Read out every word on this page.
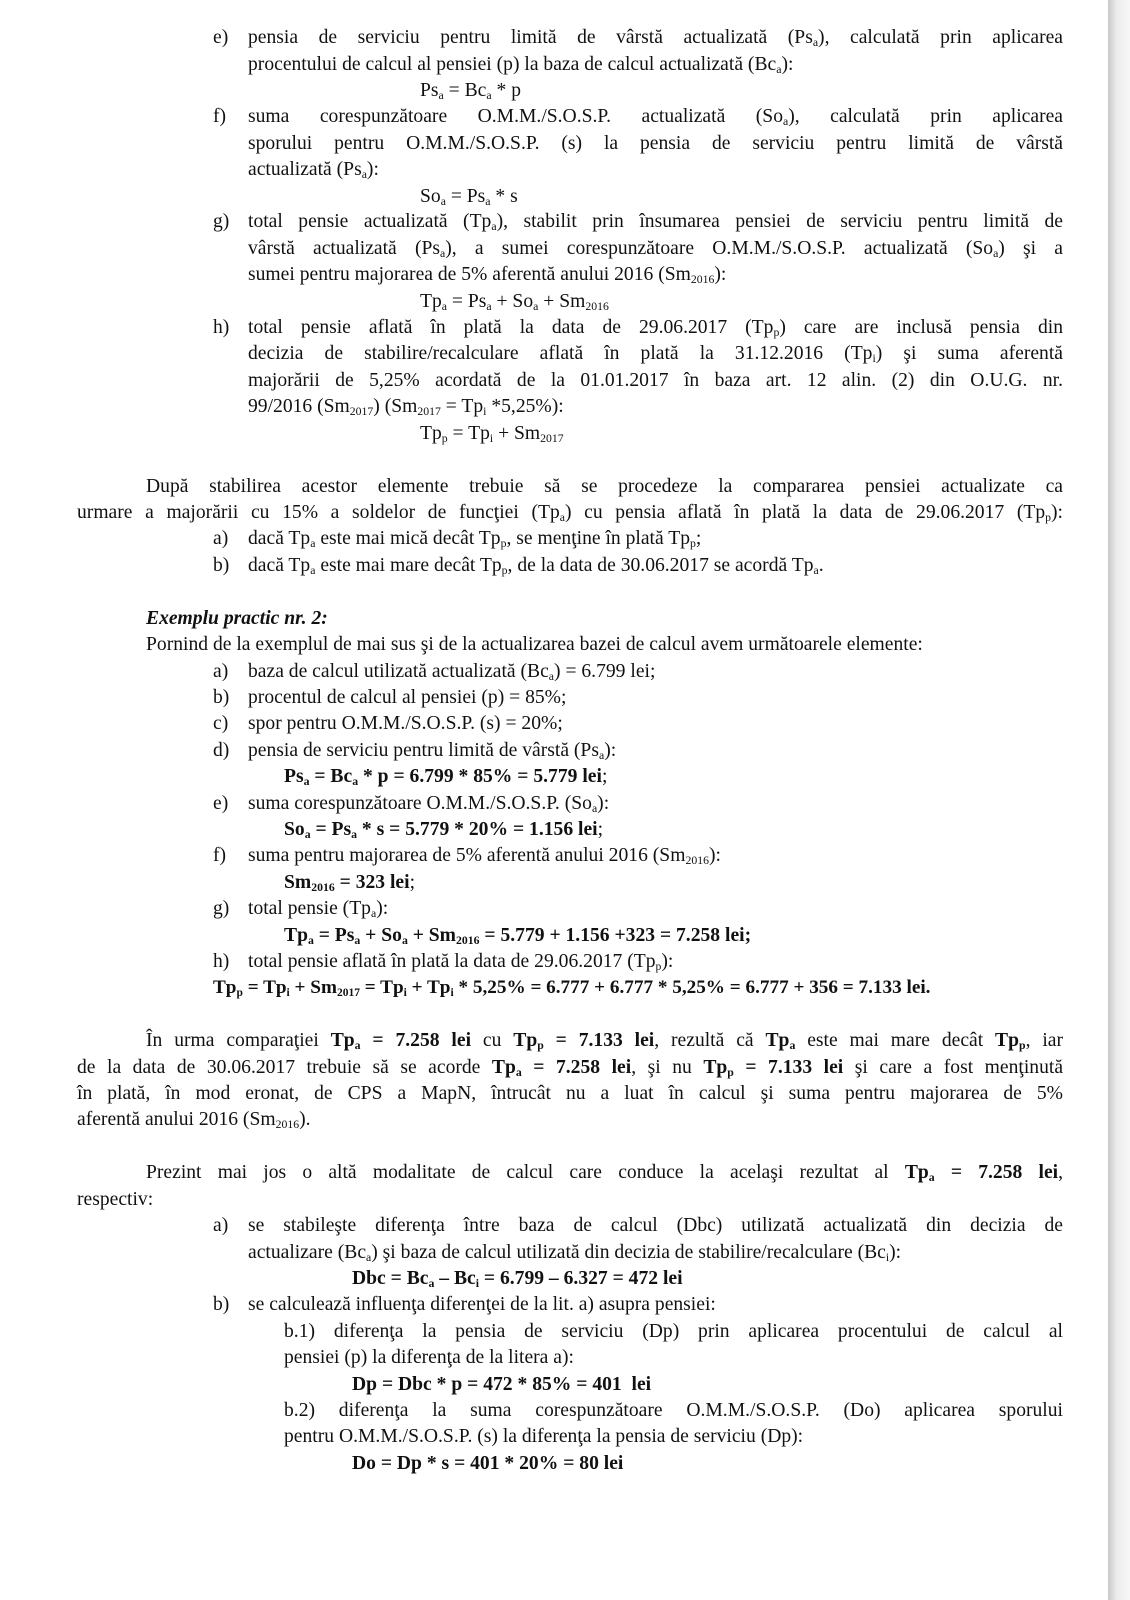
e) pensia de serviciu pentru limită de vârstă actualizată $(Ps_a)$, calculată prin aplicarea
procentului de calcul al pensiei (p) la baza de calcul actualizată $(Bc_a)$:
$Ps_a = Bc_a * p$
f) suma corespunzătoare O.M.M./S.O.S.P. actualizată $(So_a)$, calculată prin aplicarea
sporului pentru O.M.M./S.O.S.P. (s) la pensia de serviciu pentru limită de vârstă
actualizată $(Ps_a)$:
$So_a = Ps_a * s$
g) total pensie actualizată $(Tp_a)$, stabilit prin însumarea pensiei de serviciu pentru limită de
vârstă actualizată $(Ps_a)$, a sumei corespunzătoare O.M.M./S.O.S.P. actualizată $(So_a)$ şi a
sumei pentru majorarea de 5% aferentă anului 2016 $(Sm_{2016})$:
$Tp_a = Ps_a + So_a + Sm_{2016}$
h) total pensie aflată în plată la data de 29.06.2017 $(Tp_p)$ care are inclusă pensia din
decizia de stabilire/recalculare aflată în plată la 31.12.2016 $(Tp_i)$ şi suma aferentă
majorării de 5,25% acordată de la 01.01.2017 în baza art. 12 alin. (2) din O.U.G. nr.
99/2016 $(Sm_{2017}) (Sm_{2017} = Tp_i$ *5,25%):
$Tp_p = Tp_i + Sm_{2017}$
După stabilirea acestor elemente trebuie să se procedeze la compararea pensiei actualizate ca
urmare a majorării cu 15% a soldelor de funcţiei $(Tp_a)$ cu pensia aflată în plată la data de 29.06.2017 $(Tp_p)$:
a) dacă $Tp_a$ este mai mică decât $Tp_p$, se menţine în plată $Tp_p$;
b) dacă $Tp_a$ este mai mare decât $Tp_p$, de la data de 30.06.2017 se acordă $Tp_a$.
Exemplu practic nr. 2:
Pornind de la exemplul de mai sus şi de la actualizarea bazei de calcul avem următoarele elemente:
a) baza de calcul utilizată actualizată $(Bc_a) = 6.799$ lei;
b) procentul de calcul al pensiei (p) = 85%;
c) spor pentru O.M.M./S.O.S.P. (s) = 20%;
d) pensia de serviciu pentru limită de vârstă $(Ps_a)$:
$Ps_a = Bc_a * p = 6.799 * 85\% = 5.779$ lei;
e) suma corespunzătoare O.M.M./S.O.S.P. $(So_a)$:
$So_a = Ps_a * s = 5.779 * 20\% = 1.156$ lei;
f) suma pentru majorarea de 5% aferentă anului 2016 $(Sm_{2016})$:
$Sm_{2016} = 323$ lei;
g) total pensie $(Tp_a)$:
$Tp_a = Ps_a + So_a + Sm_{2016} = 5.779 + 1.156 +323 = 7.258$ lei;
h) total pensie aflată în plată la data de 29.06.2017 $(Tp_p)$:
$Tp_p = Tp_i + Sm_{2017} = Tp_i + Tp_i * 5,25\% = 6.777 + 6.777 * 5,25\% = 6.777 + 356 = 7.133$ lei.
În urma comparaţiei $Tp_a = 7.258$ lei cu $Tp_p = 7.133$ lei, rezultă că $Tp_a$ este mai mare decât $Tp_p$, iar
de la data de 30.06.2017 trebuie să se acorde $Tp_a = 7.258$ lei, şi nu $Tp_p = 7.133$ lei şi care a fost menţinută
în plată, în mod eronat, de CPS a MapN, întrucât nu a luat în calcul şi suma pentru majorarea de 5%
aferentă anului 2016 $(Sm_{2016})$.
Prezint mai jos o altă modalitate de calcul care conduce la acelaşi rezultat al $Tp_a = 7.258$ lei,
respectiv:
a) se stabileşte diferenţa între baza de calcul (Dbc) utilizată actualizată din decizia de
actualizare $(Bc_a)$ şi baza de calcul utilizată din decizia de stabilire/recalculare $(Bc_i)$:
Dbc = $Bc_a - Bc_i = 6.799 - 6.327 = 472$ lei
b) se calculează influenţa diferenţei de la lit. a) asupra pensiei:
b.1) diferenţa la pensia de serviciu (Dp) prin aplicarea procentului de calcul al
pensiei (p) la diferenţa de la litera a):
Dp = Dbc * p = 472 * 85% = 401  lei
b.2) diferenţa la suma corespunzătoare O.M.M./S.O.S.P. (Do) aplicarea sporului
pentru O.M.M./S.O.S.P. (s) la diferenţa la pensia de serviciu (Dp):
Do = Dp * s = 401 * 20% = 80 lei
